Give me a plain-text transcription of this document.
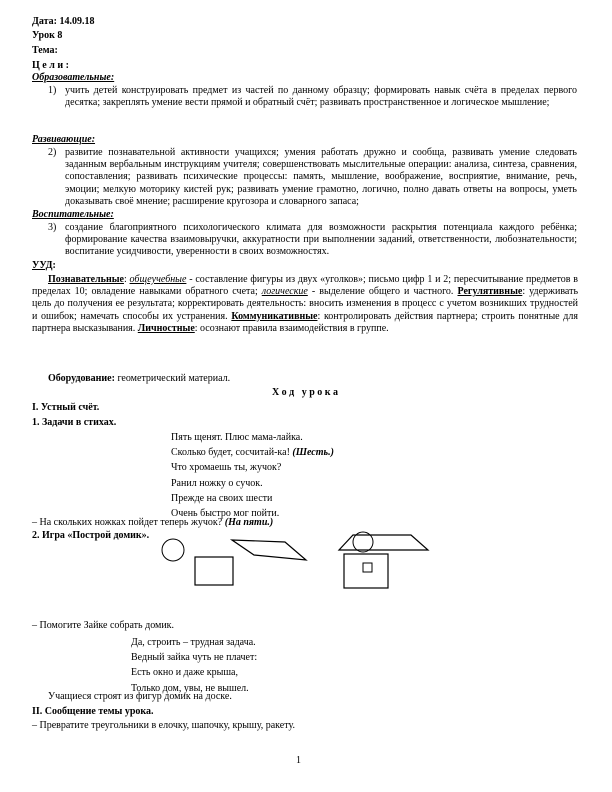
Дата: 14.09.18
Урок 8
Тема:
Ц е л и :
Образовательные:
1) учить детей конструировать предмет из частей по данному образцу; формировать навык счёта в пределах первого десятка; закреплять умение вести прямой и обратный счёт; развивать пространственное и логическое мышление;
Развивающие:
2) развитие познавательной активности учащихся; умения работать дружно и сообща, развивать умение следовать заданным вербальным инструкциям учителя; совершенствовать мыслительные операции: анализа, синтеза, сравнения, сопоставления; развивать психические процессы: память, мышление, воображение, восприятие, внимание, речь, эмоции; мелкую моторику кистей рук; развивать умение грамотно, логично, полно давать ответы на вопросы, уметь доказывать своё мнение; расширение кругозора и словарного запаса;
Воспитательные:
3) создание благоприятного психологического климата для возможности раскрытия потенциала каждого ребёнка; формирование качества взаимовыручки, аккуратности при выполнении заданий, ответственности, любознательности; воспитание усидчивости, уверенности в своих возможностях.
УУД:
Познавательные: общеучебные - составление фигуры из двух «уголков»; письмо цифр 1 и 2; пересчитывание предметов в пределах 10; овладение навыками обратного счета; логические - выделение общего и частного. Регулятивные: удерживать цель до получения ее результата; корректировать деятельность: вносить изменения в процесс с учетом возникших трудностей и ошибок; намечать способы их устранения. Коммуникативные: контролировать действия партнера; строить понятные для партнера высказывания. Личностные: осознают правила взаимодействия в группе.
Оборудование: геометрический материал.
Х о д   у р о к а
I. Устный счёт.
1. Задачи в стихах.
Пять щенят. Плюс мама-лайка.
Сколько будет, сосчитай-ка! (Шесть.)
Что хромаешь ты, жучок?
Ранил ножку о сучок.
Прежде на своих шести
Очень быстро мог пойти.
– На скольких ножках пойдет теперь жучок? (На пяти.)
2. Игра «Построй домик».
– Помогите Зайке собрать домик.
Да, строить – трудная задача.
Ведный зайка чуть не плачет:
Есть окно и даже крыша,
Только дом, увы, не вышел.
Учащиеся строят из фигур домик на доске.
II. Сообщение темы урока.
– Превратите треугольники в елочку, шапочку, крышу, ракету.
1
